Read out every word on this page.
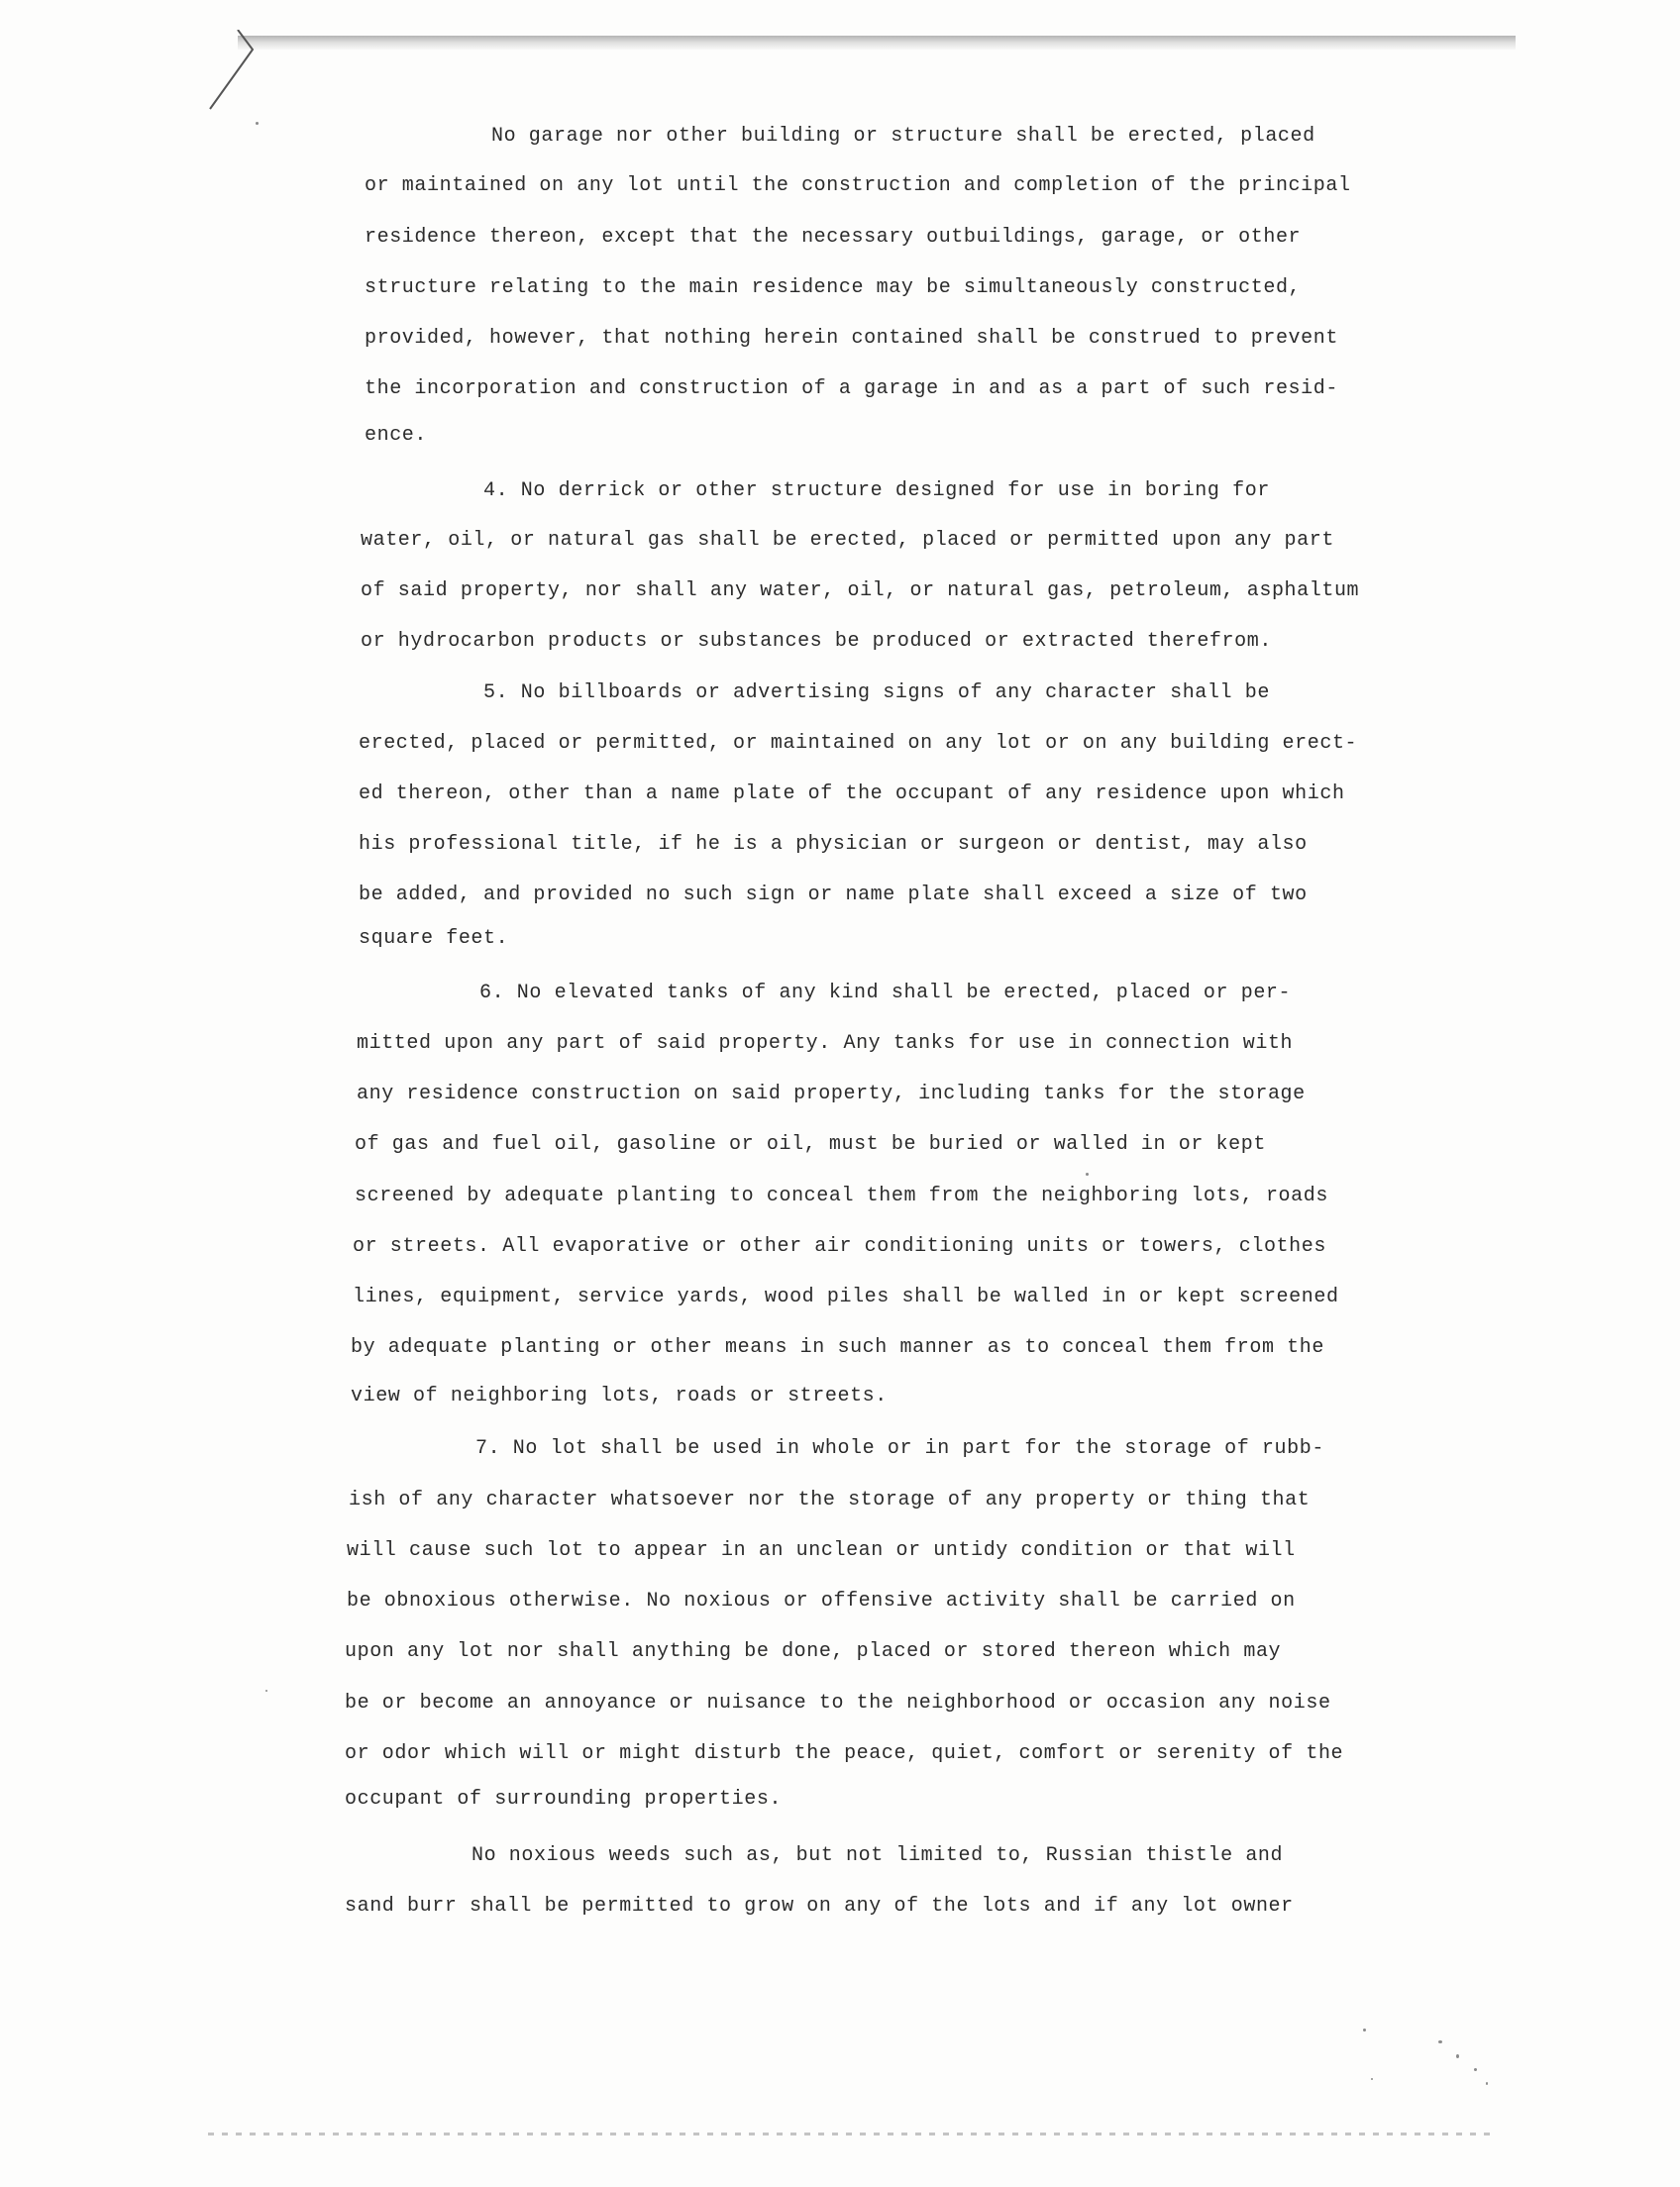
No garage nor other building or structure shall be erected, placed
or maintained on any lot until the construction and completion of the principal
residence thereon, except that the necessary outbuildings, garage, or other
structure relating to the main residence may be simultaneously constructed,
provided, however, that nothing herein contained shall be construed to prevent
the incorporation and construction of a garage in and as a part of such resid-
ence.
4. No derrick or other structure designed for use in boring for
water, oil, or natural gas shall be erected, placed or permitted upon any part
of said property, nor shall any water, oil, or natural gas, petroleum, asphaltum
or hydrocarbon products or substances be produced or extracted therefrom.
5. No billboards or advertising signs of any character shall be
erected, placed or permitted, or maintained on any lot or on any building erect-
ed thereon, other than a name plate of the occupant of any residence upon which
his professional title, if he is a physician or surgeon or dentist, may also
be added, and provided no such sign or name plate shall exceed a size of two
square feet.
6. No elevated tanks of any kind shall be erected, placed or per-
mitted upon any part of said property. Any tanks for use in connection with
any residence construction on said property, including tanks for the storage
of gas and fuel oil, gasoline or oil, must be buried or walled in or kept
screened by adequate planting to conceal them from the neighboring lots, roads
or streets. All evaporative or other air conditioning units or towers, clothes
lines, equipment, service yards, wood piles shall be walled in or kept screened
by adequate planting or other means in such manner as to conceal them from the
view of neighboring lots, roads or streets.
7. No lot shall be used in whole or in part for the storage of rubb-
ish of any character whatsoever nor the storage of any property or thing that
will cause such lot to appear in an unclean or untidy condition or that will
be obnoxious otherwise. No noxious or offensive activity shall be carried on
upon any lot nor shall anything be done, placed or stored thereon which may
be or become an annoyance or nuisance to the neighborhood or occasion any noise
or odor which will or might disturb the peace, quiet, comfort or serenity of the
occupant of surrounding properties.
No noxious weeds such as, but not limited to, Russian thistle and
sand burr shall be permitted to grow on any of the lots and if any lot owner
